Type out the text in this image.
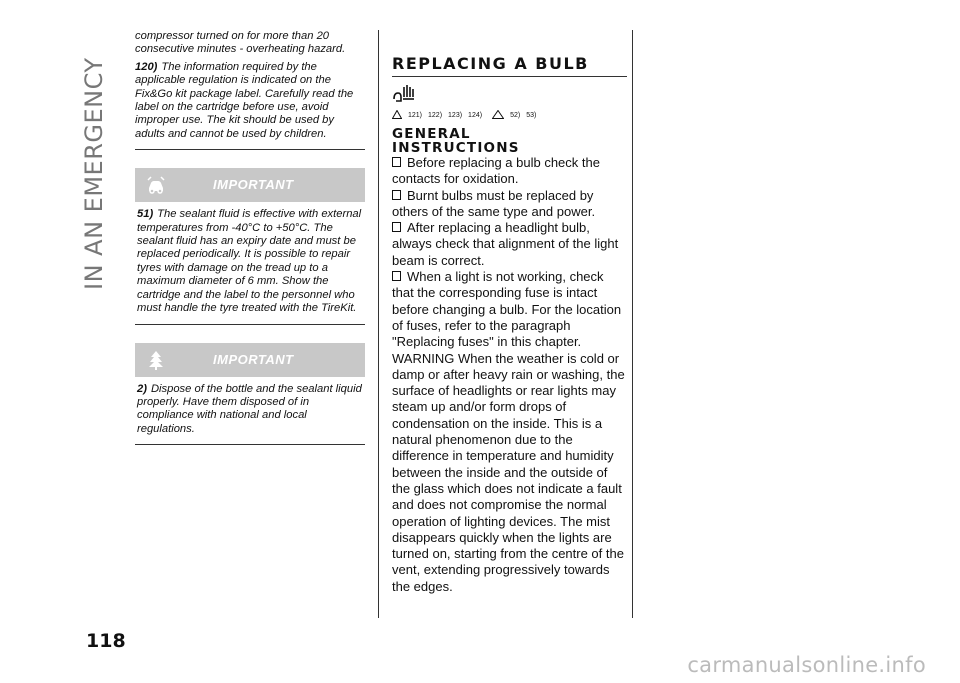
IN AN EMERGENCY

compressor turned on for more than 20 consecutive minutes - overheating hazard.

120) The information required by the applicable regulation is indicated on the Fix&Go kit package label. Carefully read the label on the cartridge before use, avoid improper use. The kit should be used by adults and cannot be used by children.

IMPORTANT

51) The sealant fluid is effective with external temperatures from -40°C to +50°C. The sealant fluid has an expiry date and must be replaced periodically. It is possible to repair tyres with damage on the tread up to a maximum diameter of 6 mm. Show the cartridge and the label to the personnel who must handle the tyre treated with the TireKit.

IMPORTANT

2) Dispose of the bottle and the sealant liquid properly. Have them disposed of in compliance with national and local regulations.

REPLACING A BULB
121) 122) 123) 124)	52) 53)
GENERAL
INSTRUCTIONS

Before replacing a bulb check the contacts for oxidation.

Burnt bulbs must be replaced by others of the same type and power.

After replacing a headlight bulb, always check that alignment of the light beam is correct.

When a light is not working, check that the corresponding fuse is intact before changing a bulb. For the location of fuses, refer to the paragraph "Replacing fuses" in this chapter.

WARNING When the weather is cold or damp or after heavy rain or washing, the surface of headlights or rear lights may steam up and/or form drops of condensation on the inside. This is a natural phenomenon due to the difference in temperature and humidity between the inside and the outside of the glass which does not indicate a fault and does not compromise the normal operation of lighting devices. The mist disappears quickly when the lights are turned on, starting from the centre of the vent, extending progressively towards the edges.

118
carmanualsonline.info
